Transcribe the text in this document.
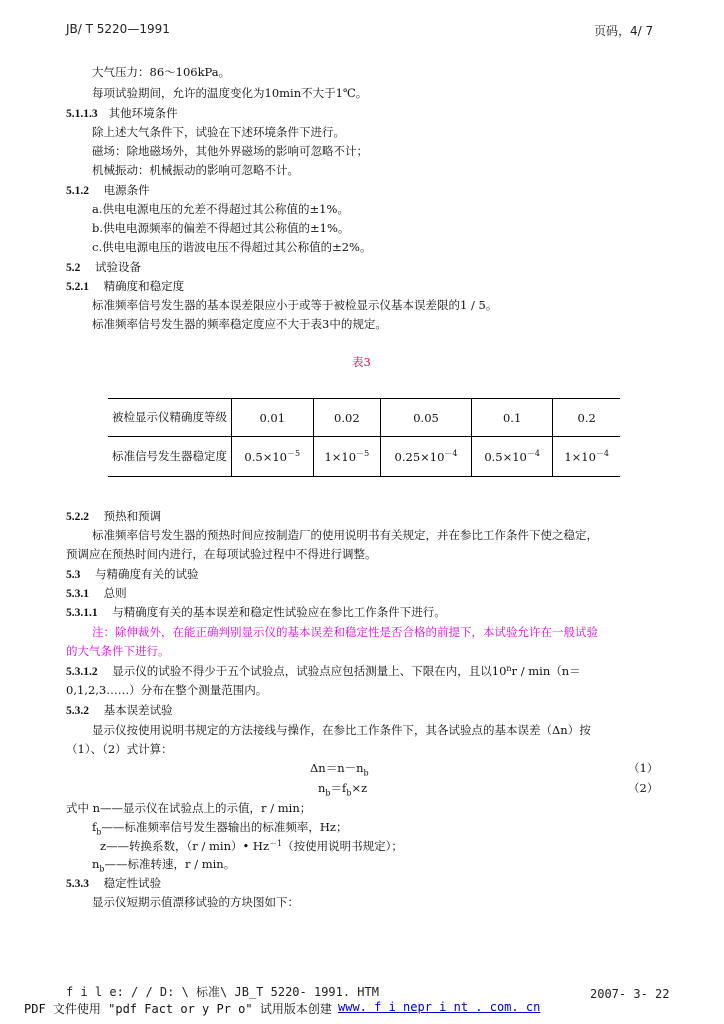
JB/ T 5220—1991	页码，4/ 7
大气压力：86～106kPa。
每项试验期间，允许的温度变化为10min不大于1℃。
5.1.1.3 其他环境条件
除上述大气条件下，试验在下述环境条件下进行。
磁场：除地磁场外，其他外界磁场的影响可忽略不计；
机械振动：机械振动的影响可忽略不计。
5.1.2 电源条件
a.供电电源电压的允差不得超过其公称值的±1%。
b.供电电源频率的偏差不得超过其公称值的±1%。
c.供电电源电压的谐波电压不得超过其公称值的±2%。
5.2 试验设备
5.2.1 精确度和稳定度
标准频率信号发生器的基本误差限应小于或等于被检显示仪基本误差限的1 / 5。
标准频率信号发生器的频率稳定度应不大于表3中的规定。
表3
被检显示仪精确度等级	0.01	0.02	0.05	0.1	0.2
标准信号发生器稳定度	$0.5\times 10^{-5}$	$1\times 10^{-5}$	$0.25\times 10^{-4}$	$0.5\times 10^{-4}$	$1\times 10^{-4}$
5.2.2 预热和预调
标准频率信号发生器的预热时间应按制造厂的使用说明书有关规定，并在参比工作条件下使之稳定，
预调应在预热时间内进行，在每项试验过程中不得进行调整。
5.3 与精确度有关的试验
5.3.1 总则
5.3.1.1 与精确度有关的基本误差和稳定性试验应在参比工作条件下进行。
注：除伸裁外，在能正确判别显示仪的基本误差和稳定性是否合格的前提下，本试验允许在一般试验
的大气条件下进行。
5.3.1.2 显示仪的试验不得少于五个试验点，试验点应包括测量上、下限在内，且以10$^n$r / min（n＝
0,1,2,3……）分布在整个测量范围内。
5.3.2 基本误差试验
显示仪按使用说明书规定的方法接线与操作，在参比工作条件下，其各试验点的基本误差（Δn）按
（1）、（2）式计算：
$\Delta n=n-n_b$	（1）
$n_b=f_b\times z$	（2）
式中 n——显示仪在试验点上的示值，r / min；
$f_b——$标准频率信号发生器输出的标准频率，Hz；
z——转换系数，（r / min）• $Hz^{-1}$（按使用说明书规定）；
$n_b——$标准转速，r / min。
5.3.3 稳定性试验
显示仪短期示值漂移试验的方块图如下：
f i l e: / / D: \ 标准\ JB_T 5220- 1991. HTM	2007- 3- 22
PDF 文件使用 "pdf Fact or y Pr o" 试用版本创建 www. f i nepr i nt . com. cn
